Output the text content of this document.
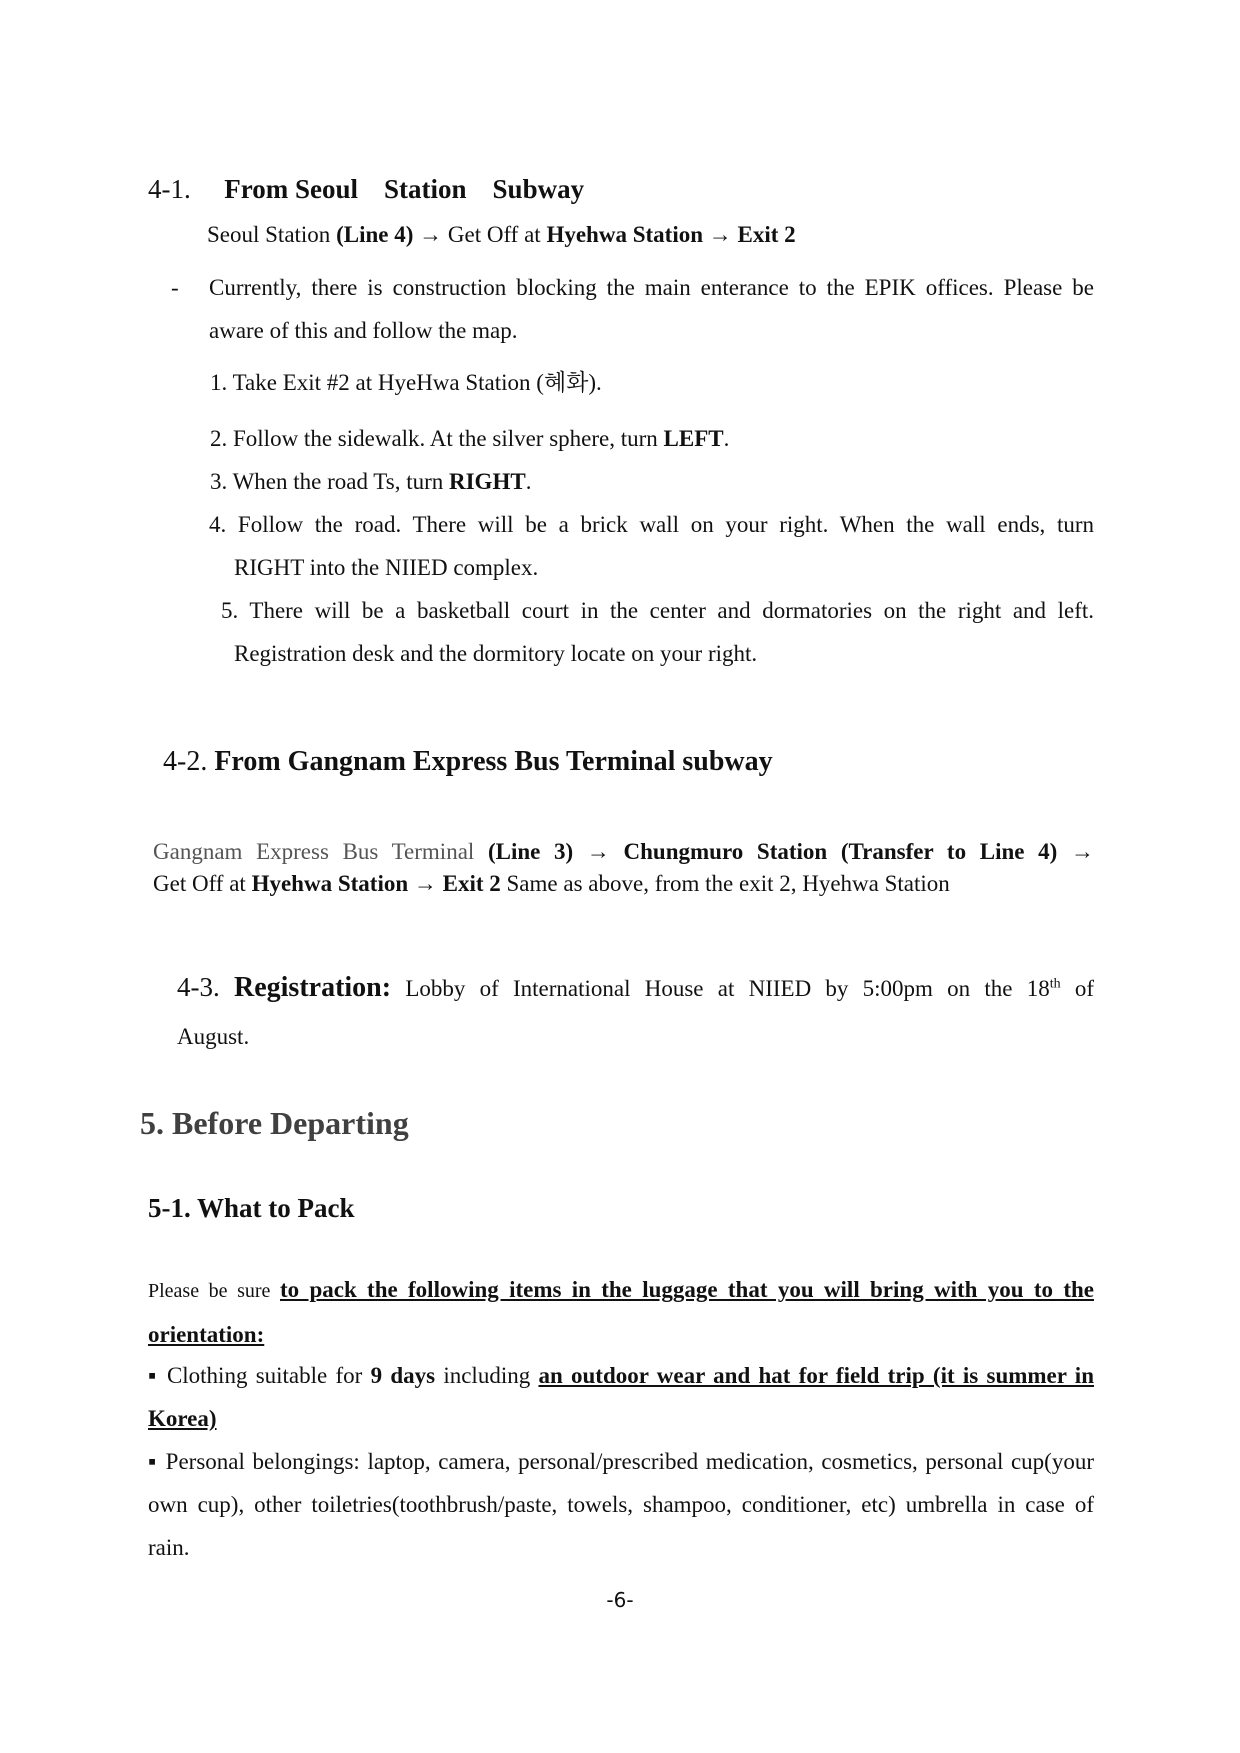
4-1. From Seoul Station Subway
Seoul Station (Line 4) → Get Off at Hyehwa Station → Exit 2
- Currently, there is construction blocking the main enterance to the EPIK offices. Please be aware of this and follow the map.
1. Take Exit #2 at HyeHwa Station (혜화).
2. Follow the sidewalk. At the silver sphere, turn LEFT.
3. When the road Ts, turn RIGHT.
4. Follow the road. There will be a brick wall on your right. When the wall ends, turn
RIGHT into the NIIED complex.
5. There will be a basketball court in the center and dormatories on the right and left.
Registration desk and the dormitory locate on your right.
4-2. From Gangnam Express Bus Terminal subway
Gangnam Express Bus Terminal (Line 3) → Chungmuro Station (Transfer to Line 4) →
Get Off at Hyehwa Station → Exit 2 Same as above, from the exit 2, Hyehwa Station
4-3. Registration: Lobby of International House at NIIED by 5:00pm on the 18th of
August.
5. Before Departing
5-1. What to Pack
Please be sure to pack the following items in the luggage that you will bring with you to the orientation:
▪ Clothing suitable for 9 days including an outdoor wear and hat for field trip (it is summer in Korea)
▪ Personal belongings: laptop, camera, personal/prescribed medication, cosmetics, personal cup(your own cup), other toiletries(toothbrush/paste, towels, shampoo, conditioner, etc) umbrella in case of rain.
-6-
